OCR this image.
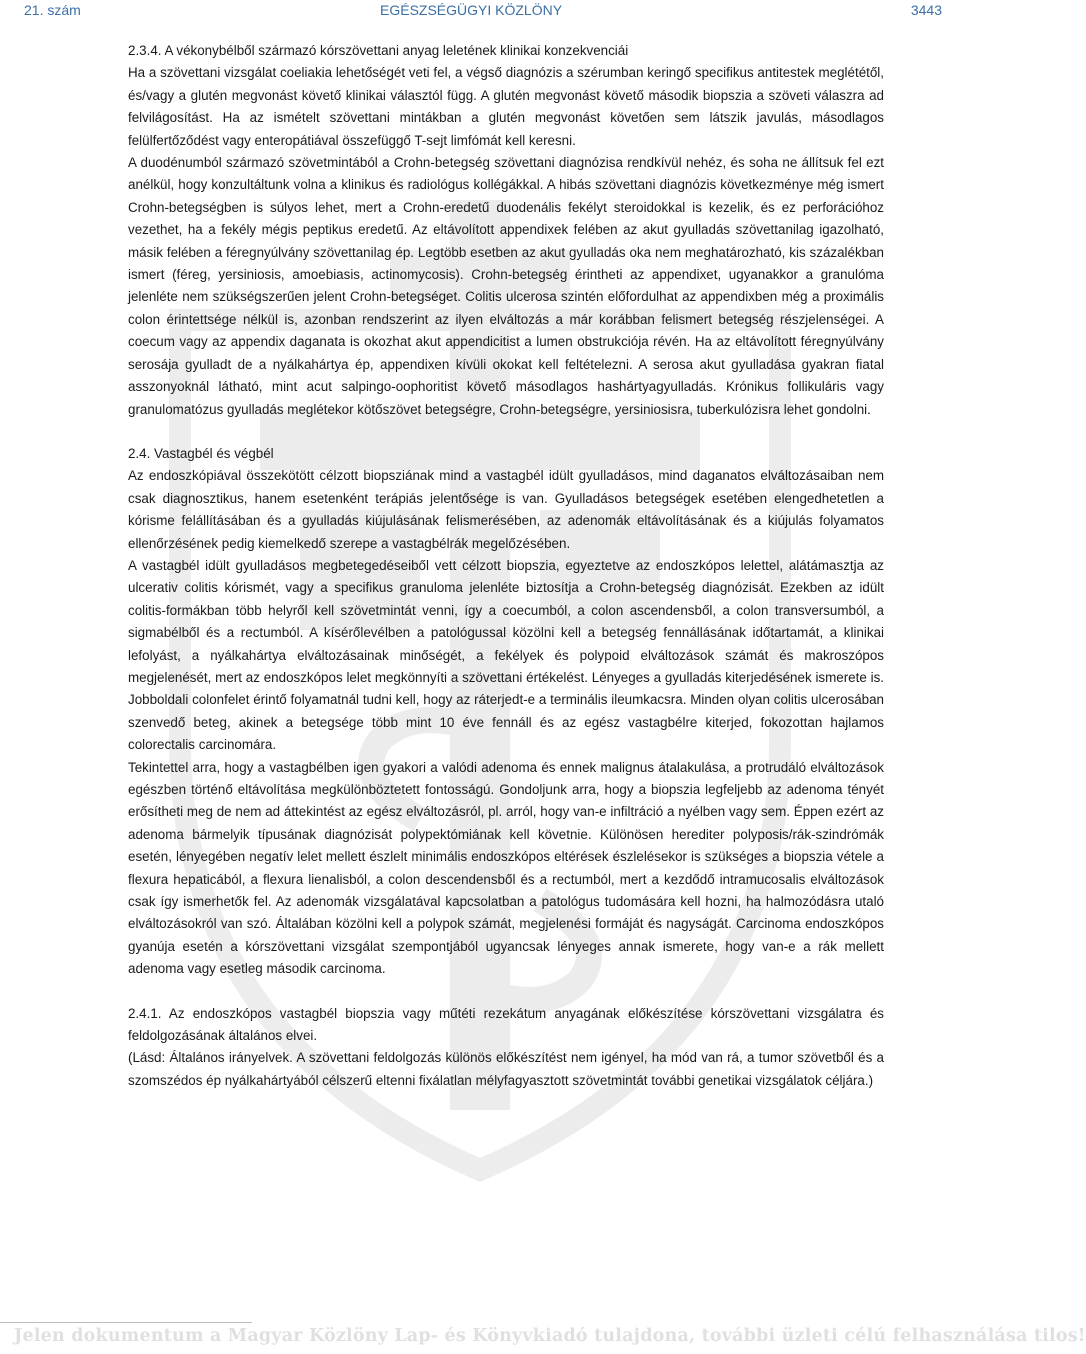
21. szám	EGÉSZSÉGÜGYI KÖZLÖNY	3443

2.3.4. A vékonybélből származó kórszövettani anyag leletének klinikai konzekvenciái

Ha a szövettani vizsgálat coeliakia lehetőségét veti fel, a végső diagnózis a szérumban keringő specifikus antitestek meglététől, és/vagy a glutén megvonást követő klinikai választól függ. A glutén megvonást követő második biopszia a szöveti válaszra ad felvilágosítást. Ha az ismételt szövettani mintákban a glutén megvonást követően sem látszik javulás, másodlagos felülfertőződést vagy enteropátiával összefüggő T-sejt limfómát kell keresni.

A duodénumból származó szövetmintából a Crohn-betegség szövettani diagnózisa rendkívül nehéz, és soha ne állítsuk fel ezt anélkül, hogy konzultáltunk volna a klinikus és radiológus kollégákkal. A hibás szövettani diagnózis következménye még ismert Crohn-betegségben is súlyos lehet, mert a Crohn-eredetű duodenális fekélyt steroidokkal is kezelik, és ez perforációhoz vezethet, ha a fekély mégis peptikus eredetű. Az eltávolított appendixek felében az akut gyulladás szövettanilag igazolható, másik felében a féregnyúlvány szövettanilag ép. Legtöbb esetben az akut gyulladás oka nem meghatározható, kis százalékban ismert (féreg, yersiniosis, amoebiasis, actinomycosis). Crohn-betegség érintheti az appendixet, ugyanakkor a granulóma jelenléte nem szükségszerűen jelent Crohn-betegséget. Colitis ulcerosa szintén előfordulhat az appendixben még a proximális colon érintettsége nélkül is, azonban rendszerint az ilyen elváltozás a már korábban felismert betegség részjelenségei. A coecum vagy az appendix daganata is okozhat akut appendicitist a lumen obstrukciója révén. Ha az eltávolított féregnyúlvány serosája gyulladt de a nyálkahártya ép, appendixen kívüli okokat kell feltételezni. A serosa akut gyulladása gyakran fiatal asszonyoknál látható, mint acut salpingo-oophoritist követő másodlagos hashártyagyulladás. Krónikus follikuláris vagy granulomatózus gyulladás meglétekor kötőszövet betegségre, Crohn-betegségre, yersiniosisra, tuberkulózisra lehet gondolni.

2.4. Vastagbél és végbél

Az endoszkópiával összekötött célzott biopsziának mind a vastagbél idült gyulladásos, mind daganatos elváltozásaiban nem csak diagnosztikus, hanem esetenként terápiás jelentősége is van. Gyulladásos betegségek esetében elengedhetetlen a kórisme felállításában és a gyulladás kiújulásának felismerésében, az adenomák eltávolításának és a kiújulás folyamatos ellenőrzésének pedig kiemelkedő szerepe a vastagbélrák megelőzésében.

A vastagbél idült gyulladásos megbetegedéseiből vett célzott biopszia, egyeztetve az endoszkópos lelettel, alátámasztja az ulcerativ colitis kórismét, vagy a specifikus granuloma jelenléte biztosítja a Crohn-betegség diagnózisát. Ezekben az idült colitis-formákban több helyről kell szövetmintát venni, így a coecumból, a colon ascendensből, a colon transversumból, a sigmabélből és a rectumból. A kísérőlevélben a patológussal közölni kell a betegség fennállásának időtartamát, a klinikai lefolyást, a nyálkahártya elváltozásainak minőségét, a fekélyek és polypoid elváltozások számát és makroszópos megjelenését, mert az endoszkópos lelet megkönnyíti a szövettani értékelést. Lényeges a gyulladás kiterjedésének ismerete is. Jobboldali colonfelet érintő folyamatnál tudni kell, hogy az ráterjedt-e a terminális ileumkacsra. Minden olyan colitis ulcerosában szenvedő beteg, akinek a betegsége több mint 10 éve fennáll és az egész vastagbélre kiterjed, fokozottan hajlamos colorectalis carcinomára.

Tekintettel arra, hogy a vastagbélben igen gyakori a valódi adenoma és ennek malignus átalakulása, a protrudáló elváltozások egészben történő eltávolítása megkülönböztetett fontosságú. Gondoljunk arra, hogy a biopszia legfeljebb az adenoma tényét erősítheti meg de nem ad áttekintést az egész elváltozásról, pl. arról, hogy van-e infiltráció a nyélben vagy sem. Éppen ezért az adenoma bármelyik típusának diagnózisát polypektómiának kell követnie. Különösen herediter polyposis/rák-szindrómák esetén, lényegében negatív lelet mellett észlelt minimális endoszkópos eltérések észlelésekor is szükséges a biopszia vétele a flexura hepaticából, a flexura lienalisból, a colon descendensből és a rectumból, mert a kezdődő intramucosalis elváltozások csak így ismerhetők fel. Az adenomák vizsgálatával kapcsolatban a patológus tudomására kell hozni, ha halmozódásra utaló elváltozásokról van szó. Általában közölni kell a polypok számát, megjelenési formáját és nagyságát. Carcinoma endoszkópos gyanúja esetén a kórszövettani vizsgálat szempontjából ugyancsak lényeges annak ismerete, hogy van-e a rák mellett adenoma vagy esetleg második carcinoma.

2.4.1. Az endoszkópos vastagbél biopszia vagy műtéti rezekátum anyagának előkészítése kórszövettani vizsgálatra és feldolgozásának általános elvei.

(Lásd: Általános irányelvek. A szövettani feldolgozás különös előkészítést nem igényel, ha mód van rá, a tumor szövetből és a szomszédos ép nyálkahártyából célszerű eltenni fixálatlan mélyfagyasztott szövetmintát további genetikai vizsgálatok céljára.)

Jelen dokumentum a Magyar Közlöny Lap- és Könyvkiadó tulajdona, további üzleti célú felhasználása tilos!
